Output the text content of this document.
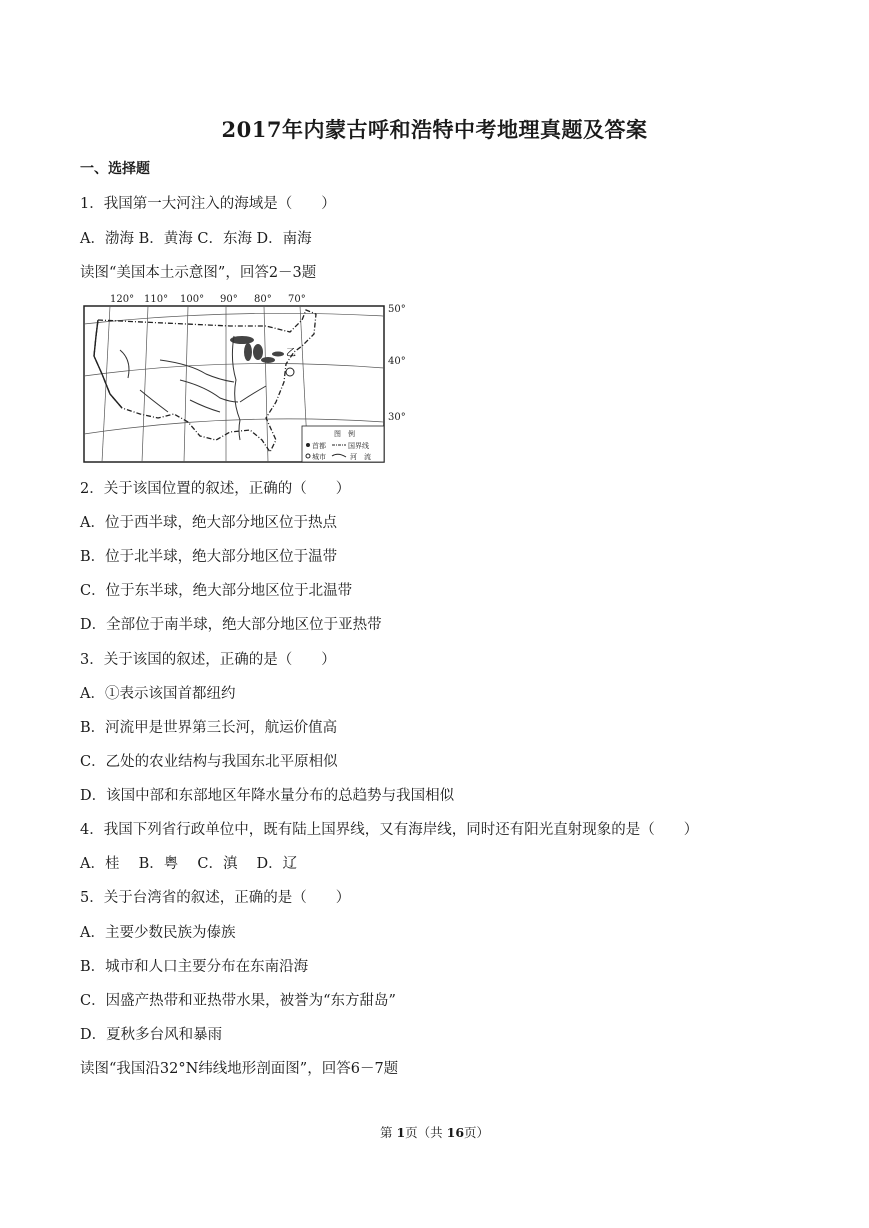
2017年内蒙古呼和浩特中考地理真题及答案
一、选择题
1．我国第一大河注入的海域是（　　）
A．渤海 B．黄海 C．东海 D．南海
读图“美国本土示意图”，回答2－3题
120° 110° 100° 90° 80° 70°
50°
40°
30°
乙
图　例
首都	国界线
城市	河　流
2．关于该国位置的叙述，正确的（　　）
A．位于西半球，绝大部分地区位于热点
B．位于北半球，绝大部分地区位于温带
C．位于东半球，绝大部分地区位于北温带
D．全部位于南半球，绝大部分地区位于亚热带
3．关于该国的叙述，正确的是（　　）
A．①表示该国首都纽约
B．河流甲是世界第三长河，航运价值高
C．乙处的农业结构与我国东北平原相似
D．该国中部和东部地区年降水量分布的总趋势与我国相似
4．我国下列省行政单位中，既有陆上国界线，又有海岸线，同时还有阳光直射现象的是（　　）
A．桂　 B．粤　 C．滇　 D．辽
5．关于台湾省的叙述，正确的是（　　）
A．主要少数民族为傣族
B．城市和人口主要分布在东南沿海
C．因盛产热带和亚热带水果，被誉为“东方甜岛”
D．夏秋多台风和暴雨
读图“我国沿32°N纬线地形剖面图”，回答6－7题
第 1页（共 16页）
